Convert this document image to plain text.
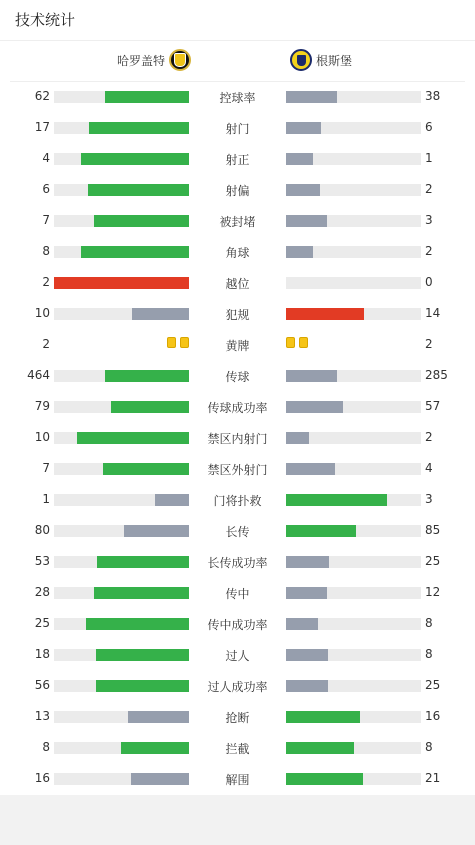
技术统计
哈罗盖特	根斯堡
62	控球率	38
17	射门	6
4	射正	1
6	射偏	2
7	被封堵	3
8	角球	2
2	越位	0
10	犯规	14
2	黄牌	2
464	传球	285
79	传球成功率	57
10	禁区内射门	2
7	禁区外射门	4
1	门将扑救	3
80	长传	85
53	长传成功率	25
28	传中	12
25	传中成功率	8
18	过人	8
56	过人成功率	25
13	抢断	16
8	拦截	8
16	解围	21
